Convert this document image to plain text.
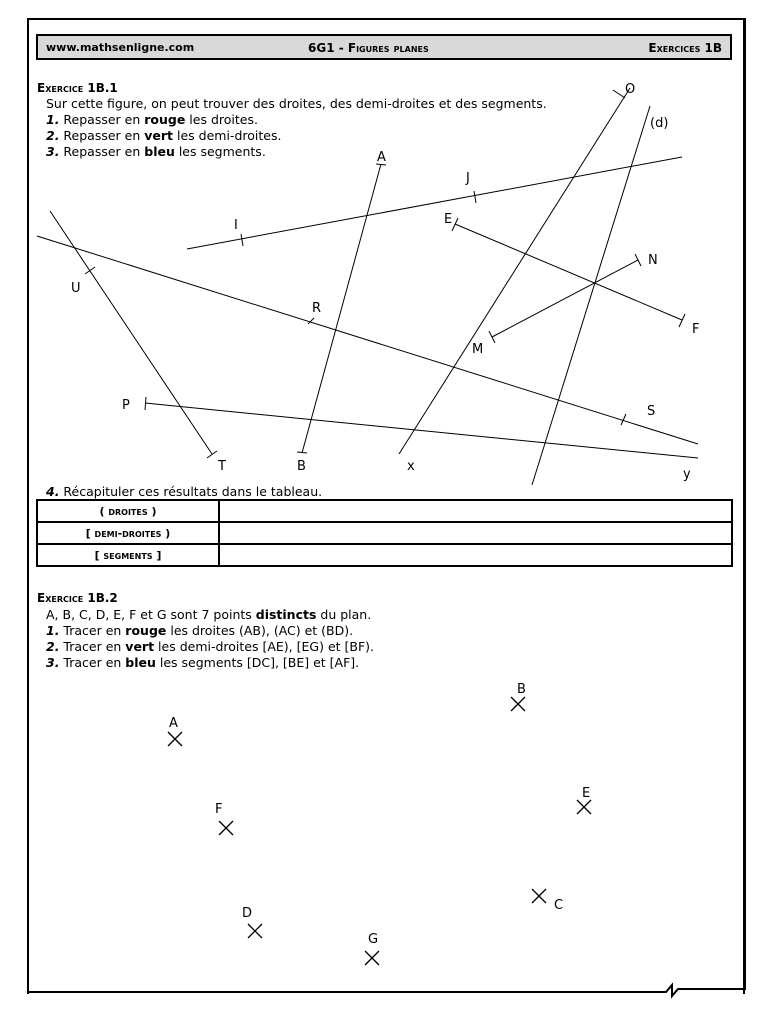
www.mathsenligne.com	6G1 - Figures planes	Exercices 1B
Exercice 1B.1
Sur cette figure, on peut trouver des droites, des demi-droites et des segments.
1. Repasser en rouge les droites.
2. Repasser en vert les demi-droites.
3. Repasser en bleu les segments.
O
(d)
A
J
I	E
N
U
R
F
M
P	S
T	B	x
y
4. Récapituler ces résultats dans le tableau.
( droites )	
[ demi-droites )	
[ segments ]	
Exercice 1B.2
A, B, C, D, E, F et G sont 7 points distincts du plan.
1. Tracer en rouge les droites (AB), (AC) et (BD).
2. Tracer en vert les demi-droites [AE), [EG) et [BF).
3. Tracer en bleu les segments [DC], [BE] et [AF].
A
B
C
D
E
F
G
